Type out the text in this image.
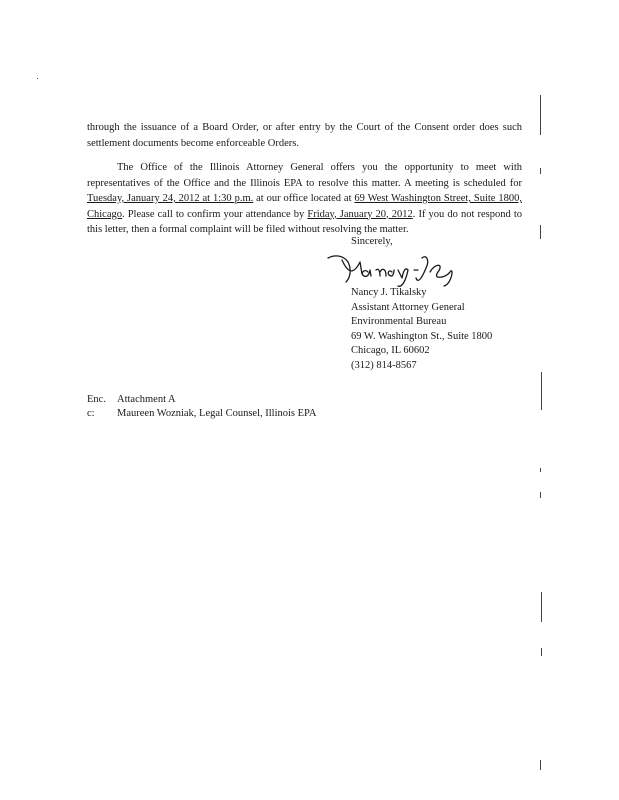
through the issuance of a Board Order, or after entry by the Court of the Consent order does such settlement documents become enforceable Orders.

The Office of the Illinois Attorney General offers you the opportunity to meet with representatives of the Office and the Illinois EPA to resolve this matter. A meeting is scheduled for Tuesday, January 24, 2012 at 1:30 p.m. at our office located at 69 West Washington Street, Suite 1800, Chicago. Please call to confirm your attendance by Friday, January 20, 2012. If you do not respond to this letter, then a formal complaint will be filed without resolving the matter.

Sincerely,
Nancy J. Tikalsky
Assistant Attorney General
Environmental Bureau
69 W. Washington St., Suite 1800
Chicago, IL 60602
(312) 814-8567
Enc. Attachment A
c: Maureen Wozniak, Legal Counsel, Illinois EPA
